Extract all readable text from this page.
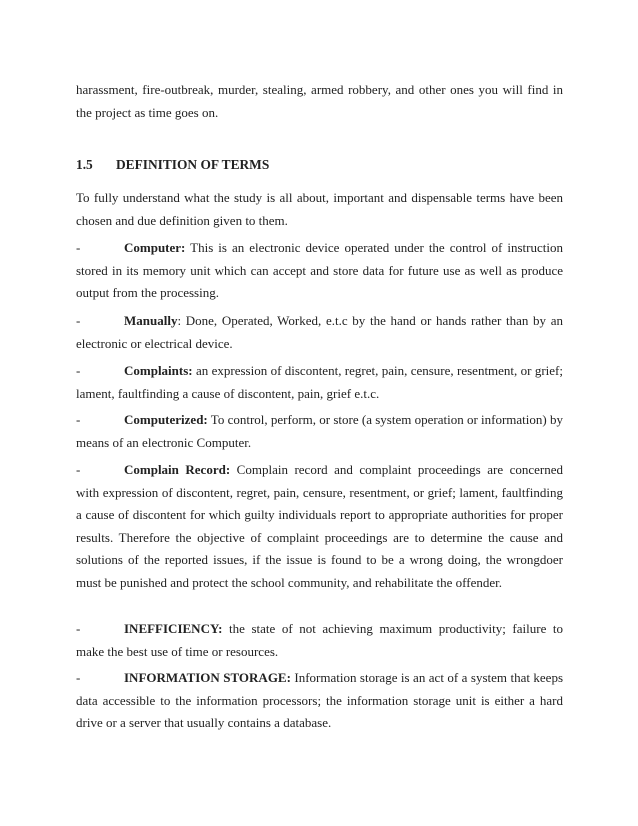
harassment, fire-outbreak, murder, stealing, armed robbery, and other ones you will find in the project as time goes on.

1.5 DEFINITION OF TERMS

To fully understand what the study is all about, important and dispensable terms have been chosen and due definition given to them.

-	Computer: This is an electronic device operated under the control of instruction stored in its memory unit which can accept and store data for future use as well as produce output from the processing.

-	Manually: Done, Operated, Worked, e.t.c by the hand or hands rather than by an electronic or electrical device.

-	Complaints: an expression of discontent, regret, pain, censure, resentment, or grief; lament, faultfinding a cause of discontent, pain, grief e.t.c.

-	Computerized: To control, perform, or store (a system operation or information) by means of an electronic Computer.

-	Complain Record: Complain record and complaint proceedings are concerned with expression of discontent, regret, pain, censure, resentment, or grief; lament, faultfinding a cause of discontent for which guilty individuals report to appropriate authorities for proper results. Therefore the objective of complaint proceedings are to determine the cause and solutions of the reported issues, if the issue is found to be a wrong doing, the wrongdoer must be punished and protect the school community, and rehabilitate the offender.

-	INEFFICIENCY: the state of not achieving maximum productivity; failure to make the best use of time or resources.

-	INFORMATION STORAGE: Information storage is an act of a system that keeps data accessible to the information processors; the information storage unit is either a hard drive or a server that usually contains a database.
